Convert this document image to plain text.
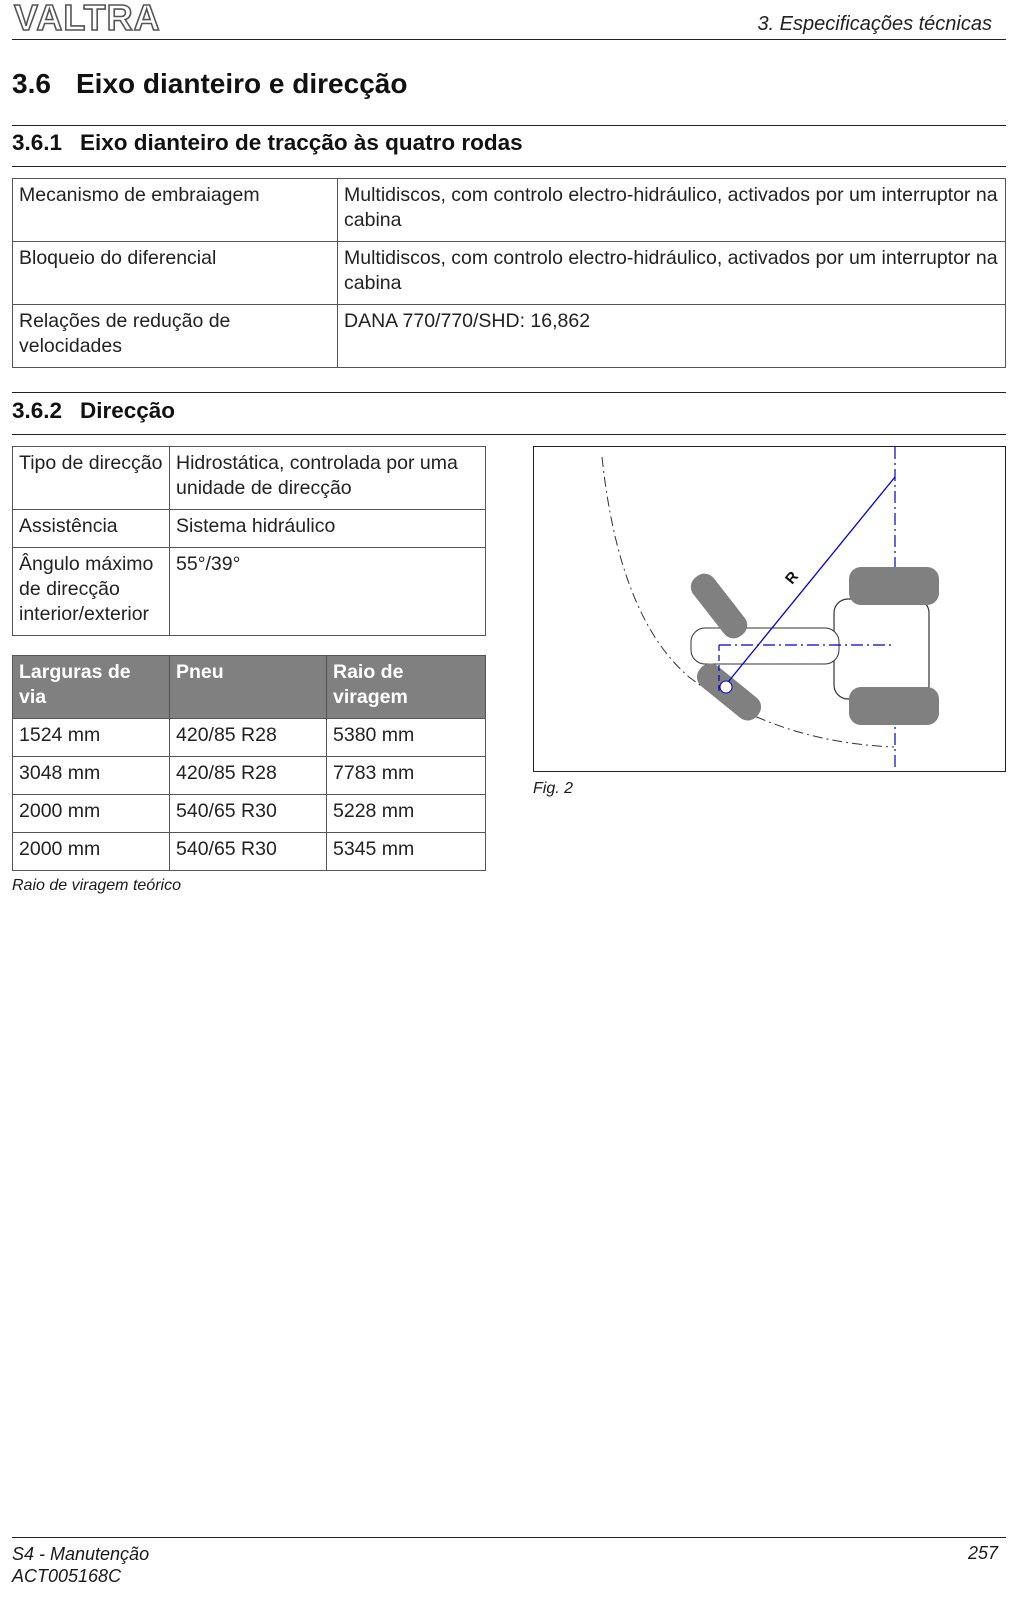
VALTRA	3. Especificações técnicas
3.6 Eixo dianteiro e direcção
3.6.1 Eixo dianteiro de tracção às quatro rodas
Mecanismo de embraiagem	Multidiscos, com controlo electro-hidráulico, activados por um interruptor na cabina
Bloqueio do diferencial	Multidiscos, com controlo electro-hidráulico, activados por um interruptor na cabina
Relações de redução de velocidades	DANA 770/770/SHD: 16,862
3.6.2 Direcção
Tipo de direcção	Hidrostática, controlada por uma unidade de direcção
Assistência	Sistema hidráulico
Ângulo máximo de direcção interior/exterior	55°/39°
Larguras de via	Pneu	Raio de viragem
1524 mm	420/85 R28	5380 mm
3048 mm	420/85 R28	7783 mm
2000 mm	540/65 R30	5228 mm
2000 mm	540/65 R30	5345 mm
Raio de viragem teórico
R
Fig. 2
S4 - Manutenção
ACT005168C
257
